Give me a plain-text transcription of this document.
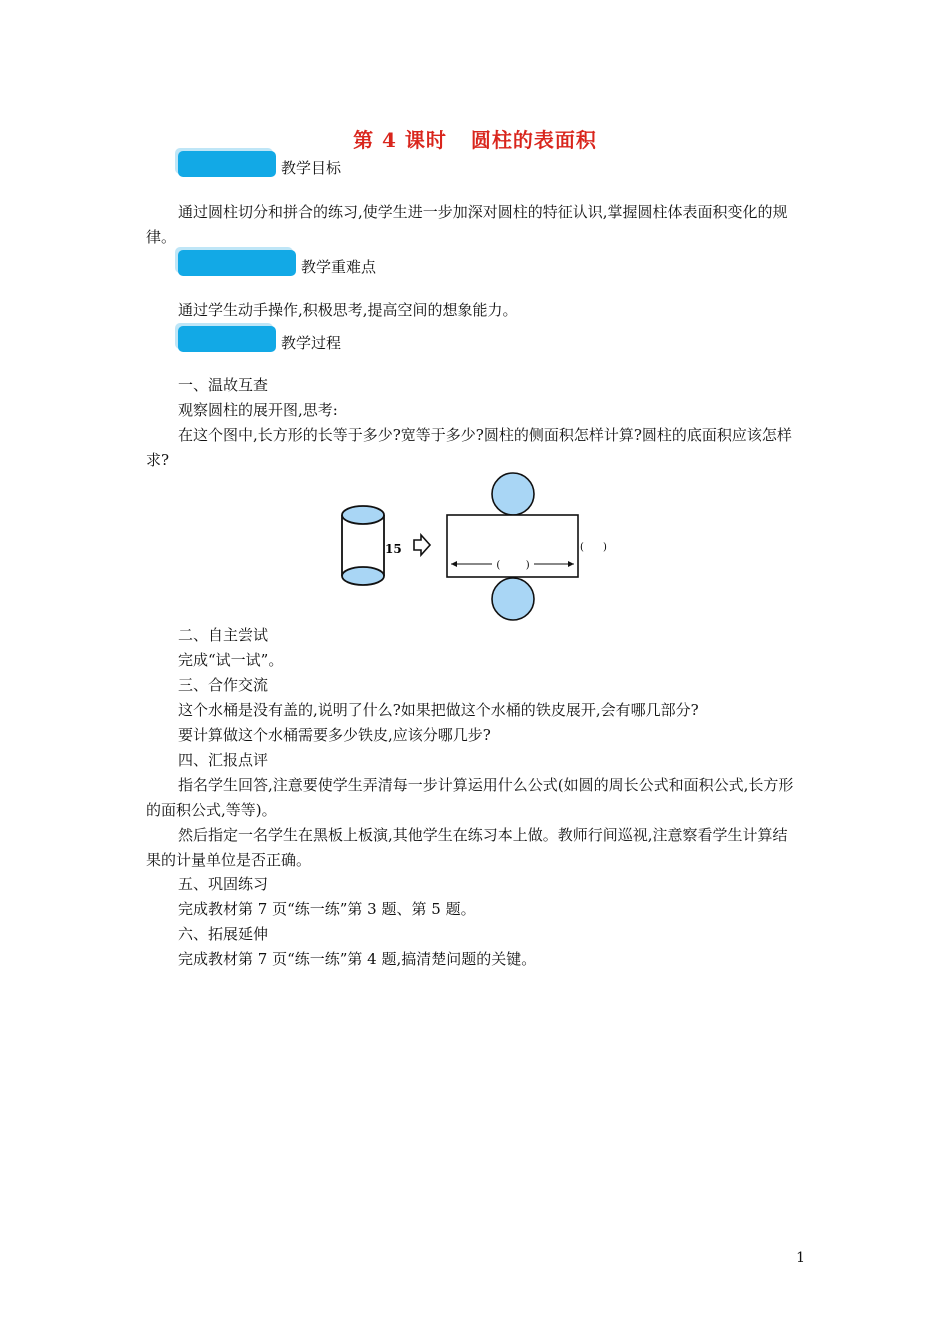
第 4 课时 圆柱的表面积
教学目标
通过圆柱切分和拼合的练习,使学生进一步加深对圆柱的特征认识,掌握圆柱体表面积变化的规律。
教学重难点
通过学生动手操作,积极思考,提高空间的想象能力。
教学过程
一、温故互查
观察圆柱的展开图,思考:
在这个图中,长方形的长等于多少?宽等于多少?圆柱的侧面积怎样计算?圆柱的底面积应该怎样求?
15
(        )
(      )
二、自主尝试
完成“试一试”。
三、合作交流
这个水桶是没有盖的,说明了什么?如果把做这个水桶的铁皮展开,会有哪几部分?
要计算做这个水桶需要多少铁皮,应该分哪几步?
四、汇报点评
指名学生回答,注意要使学生弄清每一步计算运用什么公式(如圆的周长公式和面积公式,长方形的面积公式,等等)。
然后指定一名学生在黑板上板演,其他学生在练习本上做。教师行间巡视,注意察看学生计算结果的计量单位是否正确。
五、巩固练习
完成教材第 7 页“练一练”第 3 题、第 5 题。
六、拓展延伸
完成教材第 7 页“练一练”第 4 题,搞清楚问题的关键。
1
